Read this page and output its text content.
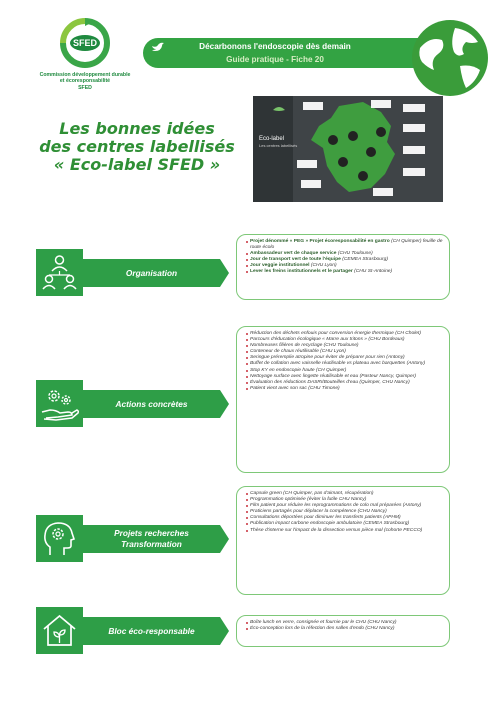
SFED
Commission développement durable
et écoresponsabilité
SFED
Décarbonons l'endoscopie dès demain
Guide pratique - Fiche 20
Les bonnes idées
des centres labellisés
« Eco-label SFED »
Eco-label
Les centres labellisés
Organisation
Projet dénommé « PEG » Projet écoresponsabilité en gastro (CH Quimper) feuille de route écolo
Ambassadeur vert de chaque service (CHU Toulouse)
Jour de transport vert de toute l'équipe (CEMEA Strasbourg)
Jour veggie institutionnel (CHU Lyon)
Lever les freins institutionnels et le partager (CHU St-Antoine)
Actions concrètes
Réduction des déchets enfouis pour conversion énergie thermique (CH Cholet)
Parcours d'éducation écologique « Marre aux tritons » (CHU Bordeaux)
Nombreuses filières de recyclage (CHU Toulouse)
Conteneur de chaux réutilisable (CHU Lyon)
Seringue préremplie atropine pour éviter de préparer pour rien (Antony)
Buffet de collation avec vaisselle réutilisable vs plateau avec barquettes (Antony)
Stop KY en endoscopie haute (CH Quimper)
Nettoyage surface avec lingette réutilisable et eau (Pasteur Nancy, Quimper)
Évaluation des réductions DASRI/Bouteilles d'eau (Quimper, CHU Nancy)
Patient vient avec son sac (CHU Timone)
Projets recherches
Transformation
Capsule green (CH Quimper, pas d'aimant, récupération)
Programmation optimisée (éviter la futile CHU Nancy)
Film patient pour réduire les reprogrammations de colo mal préparées (Antony)
Praticiens partagés pour déplacer la compétence (CHU Nancy)
Consultations déportées pour diminuer les transferts patients (APHM)
Publication impact carbone endoscopie ambulatoire (CEMEA Strasbourg)
Thèse d'interne sur l'impact de la dissection versus pièce mal (cohorte PECCO)
Bloc éco-responsable
Boîte lunch en verre, consignée et fournie par le CHU (CHU Nancy)
Éco-conception lors de la réfection des salles d'endo (CHU Nancy)
